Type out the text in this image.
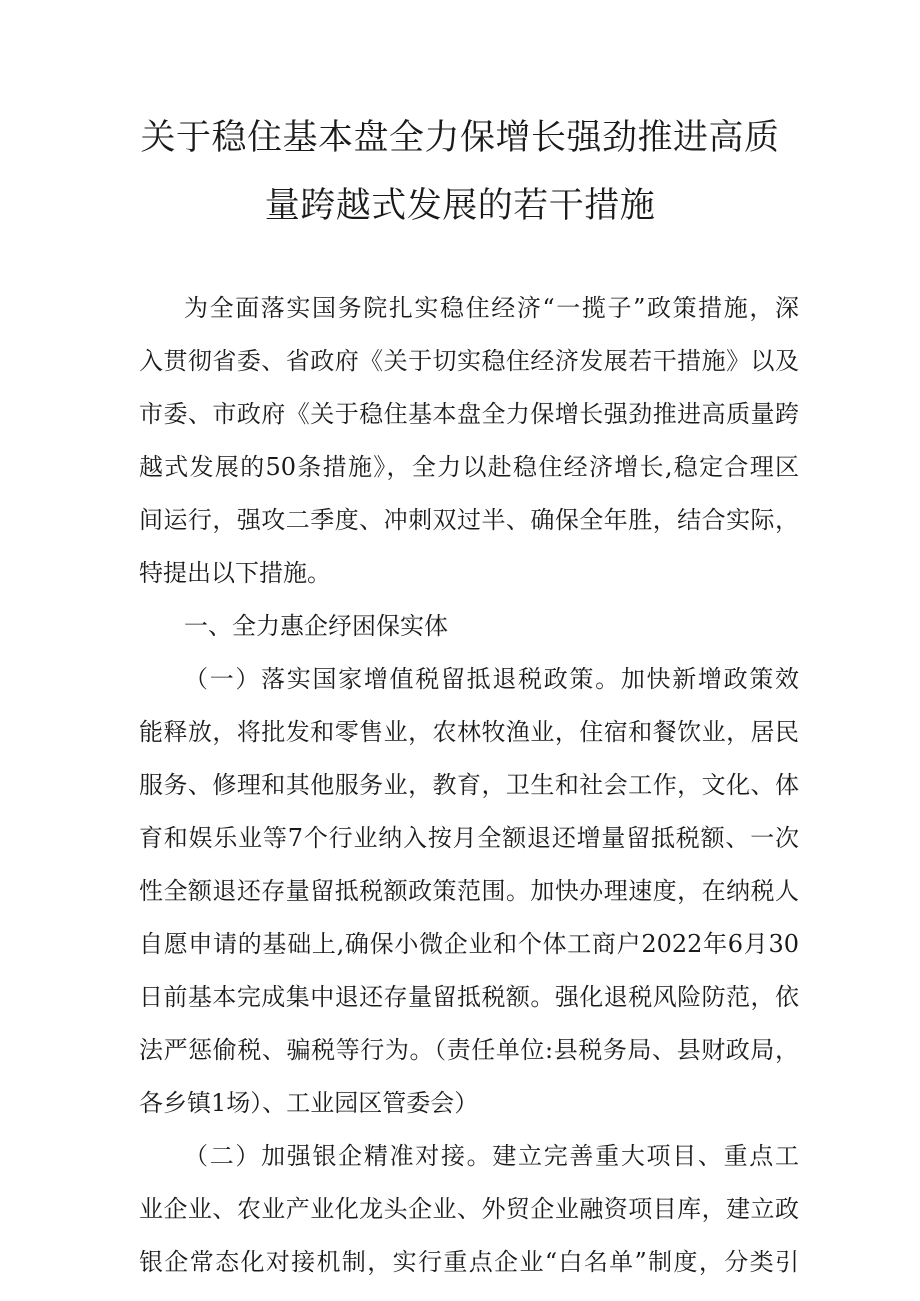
关于稳住基本盘全力保增长强劲推进高质
量跨越式发展的若干措施
为全面落实国务院扎实稳住经济“一揽子”政策措施，深
入贯彻省委、省政府《关于切实稳住经济发展若干措施》以及
市委、市政府《关于稳住基本盘全力保增长强劲推进高质量跨
越式发展的50条措施》，全力以赴稳住经济增长,稳定合理区
间运行，强攻二季度、冲刺双过半、确保全年胜，结合实际，
特提出以下措施。
一、全力惠企纾困保实体
（一）落实国家增值税留抵退税政策。加快新增政策效
能释放，将批发和零售业，农林牧渔业，住宿和餐饮业，居民
服务、修理和其他服务业，教育，卫生和社会工作，文化、体
育和娱乐业等7个行业纳入按月全额退还增量留抵税额、一次
性全额退还存量留抵税额政策范围。加快办理速度，在纳税人
自愿申请的基础上,确保小微企业和个体工商户2022年6月30
日前基本完成集中退还存量留抵税额。强化退税风险防范，依
法严惩偷税、骗税等行为。（责任单位:县税务局、县财政局，
各乡镇1场）、工业园区管委会）
（二）加强银企精准对接。建立完善重大项目、重点工
业企业、农业产业化龙头企业、外贸企业融资项目库，建立政
银企常态化对接机制，实行重点企业“白名单”制度，分类引
